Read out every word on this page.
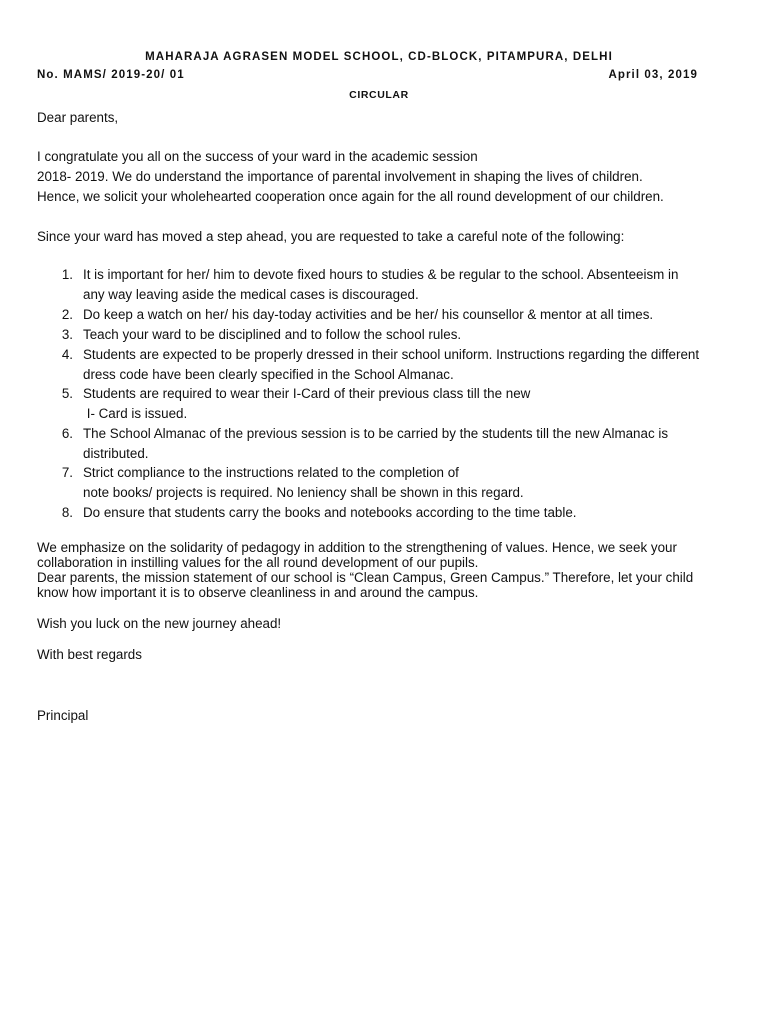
MAHARAJA AGRASEN MODEL SCHOOL, CD-BLOCK, PITAMPURA, DELHI
No. MAMS/ 2019-20/ 01	April 03, 2019
CIRCULAR
Dear parents,
I congratulate you all on the success of your ward in the academic session
2018- 2019. We do understand the importance of parental involvement in shaping the lives of children.
Hence, we solicit your wholehearted cooperation once again for the all round development of our children.
Since your ward has moved a step ahead, you are requested to take a careful note of the following:
1. It is important for her/ him to devote fixed hours to studies & be regular to the school. Absenteeism in
any way leaving aside the medical cases is discouraged.
2. Do keep a watch on her/ his day-today activities and be her/ his counsellor & mentor at all times.
3. Teach your ward to be disciplined and to follow the school rules.
4. Students are expected to be properly dressed in their school uniform. Instructions regarding the different
dress code have been clearly specified in the School Almanac.
5. Students are required to wear their I-Card of their previous class till the new
I- Card is issued.
6. The School Almanac of the previous session is to be carried by the students till the new Almanac is
distributed.
7. Strict compliance to the instructions related to the completion of
note books/ projects is required. No leniency shall be shown in this regard.
8. Do ensure that students carry the books and notebooks according to the time table.
We emphasize on the solidarity of pedagogy in addition to the strengthening of values. Hence, we seek your
collaboration in instilling values for the all round development of our pupils.
Dear parents, the mission statement of our school is “Clean Campus, Green Campus.” Therefore, let your child
know how important it is to observe cleanliness in and around the campus.
Wish you luck on the new journey ahead!
With best regards
Principal
